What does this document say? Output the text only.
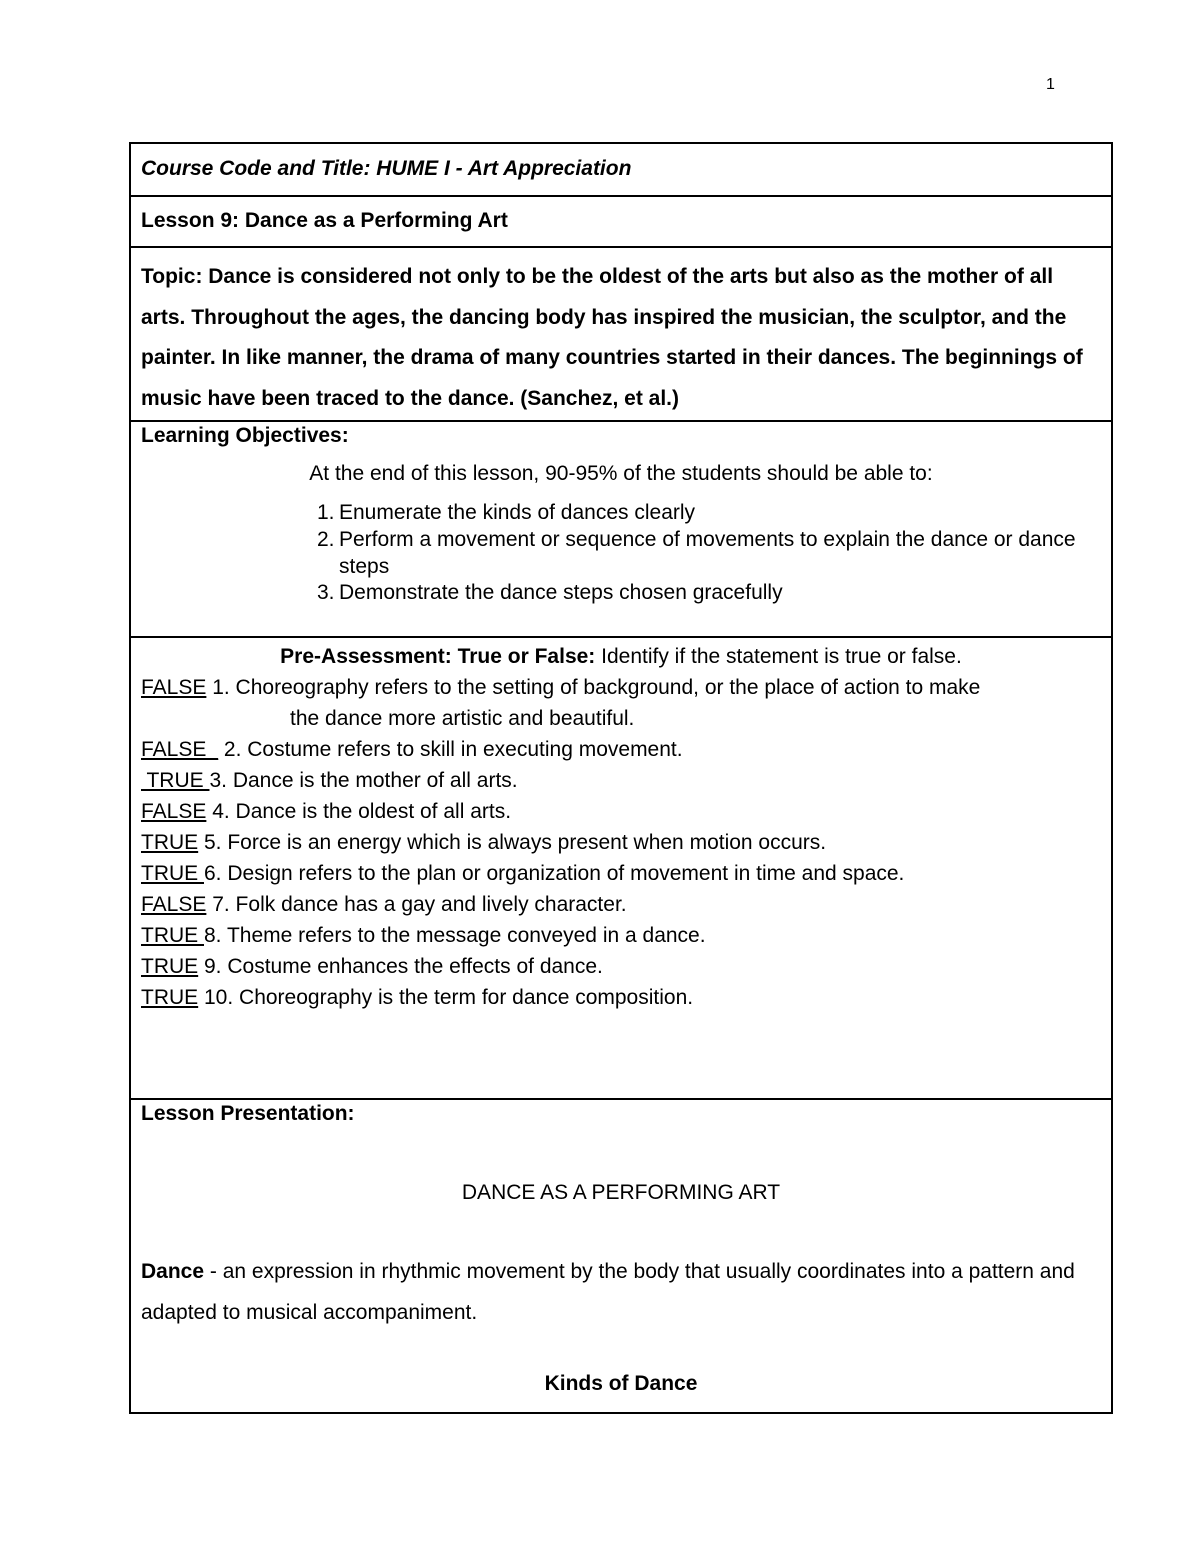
1
Course Code and Title: HUME I - Art Appreciation
Lesson 9: Dance as a Performing Art
Topic: Dance is considered not only to be the oldest of the arts but also as the mother of all arts. Throughout the ages, the dancing body has inspired the musician, the sculptor, and the painter. In like manner, the drama of many countries started in their dances. The beginnings of music have been traced to the dance. (Sanchez, et al.)
Learning Objectives:
At the end of this lesson, 90-95% of the students should be able to:
1. Enumerate the kinds of dances clearly
2. Perform a movement or sequence of movements to explain the dance or dance steps
3. Demonstrate the dance steps chosen gracefully
Pre-Assessment: True or False: Identify if the statement is true or false.
FALSE 1. Choreography refers to the setting of background, or the place of action to make
the dance more artistic and beautiful.
FALSE_ 2. Costume refers to skill in executing movement.
TRUE 3. Dance is the mother of all arts.
FALSE 4. Dance is the oldest of all arts.
TRUE 5. Force is an energy which is always present when motion occurs.
TRUE 6. Design refers to the plan or organization of movement in time and space.
FALSE 7. Folk dance has a gay and lively character.
TRUE 8. Theme refers to the message conveyed in a dance.
TRUE 9. Costume enhances the effects of dance.
TRUE 10. Choreography is the term for dance composition.
Lesson Presentation:
DANCE AS A PERFORMING ART
Dance - an expression in rhythmic movement by the body that usually coordinates into a pattern and adapted to musical accompaniment.
Kinds of Dance
